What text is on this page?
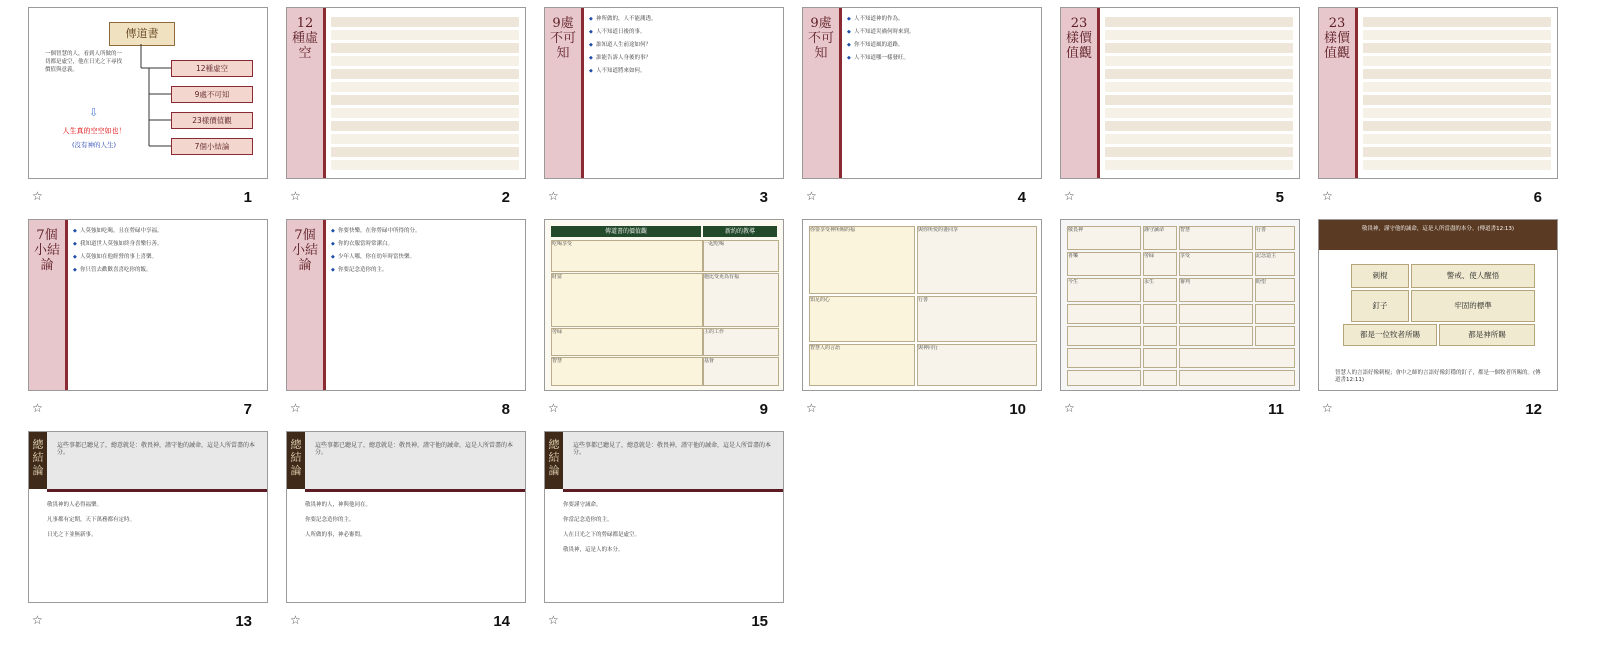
傳道書
12種虛空
9處不可知
23樣價值觀
7個小結論
一個智慧的人，看到人所做的一切都是虛空，他在日光之下尋找價值與意義。
⇩
人生真的空空如也！
(沒有神的人生)
☆	1
12種虛空
☆	2
9處不可知
◆ 神所做的，人不能測透。
◆ 人不知道日後的事。
◆ 誰知道人生前途如何？
◆ 誰能告訴人身後的事？
◆ 人不知道將來如何。
☆	3
9處不可知
◆ 人不知道神的作為。
◆ 人不知道災禍何時來到。
◆ 你不知道風的道路。
◆ 人不知道哪一樣發旺。
☆	4
23樣價值觀
☆	5
23樣價值觀
☆	6
7個小結論
◆ 人莫強如吃喝，且在勞碌中享福。
◆ 我知道世人莫強如終身喜樂行善。
◆ 人莫強如在他經營的事上喜樂。
◆ 你只管去歡歡喜喜吃你的飯。
☆	7
7個小結論
◆ 你要快樂，在你勞碌中所得的分。
◆ 你的衣服當時常潔白。
◆ 少年人哪，你在幼年時當快樂。
◆ 你要記念造你的主。
☆	8
傳道書的價值觀	新約的教導
吃喝享受	一起吃喝
財富	施比受更為有福
勞碌	主的工作
智慧	基督
☆	9
你要享受神所賜的福	與你所愛的妻同享
知足的心	行善
智慧人的言語	與神同行
☆	10
敬畏神	謹守誡命	智慧	行善
喜樂	勞碌	享受	記念造主
今生	永生	審判	盼望
☆	11
敬畏神，謹守他的誡命，這是人所當盡的本分。(傳道書12:13)
刺棍	警戒、使人醒悟
釘子	牢固的標準
都是一位牧者所賜	都是神所賜
智慧人的言語好像刺棍；會中之師的言語好像釘穩的釘子，都是一個牧者所賜的。(傳道書12:11)
☆	12
總結論
這些事都已聽見了，總意就是：敬畏神，謹守他的誡命，這是人所當盡的本分。

敬畏神的人必得福樂。

凡事都有定期，天下萬務都有定時。

日光之下並無新事。

☆	13
總結論
這些事都已聽見了，總意就是：敬畏神，謹守他的誡命，這是人所當盡的本分。

敬畏神的人，神與他同在。

你要記念造你的主。

人所做的事，神必審問。

☆	14
總結論
這些事都已聽見了，總意就是：敬畏神，謹守他的誡命，這是人所當盡的本分。

你要謹守誡命。

你當記念造你的主。

人在日光之下的勞碌都是虛空。

敬畏神，這是人的本分。

☆	15
